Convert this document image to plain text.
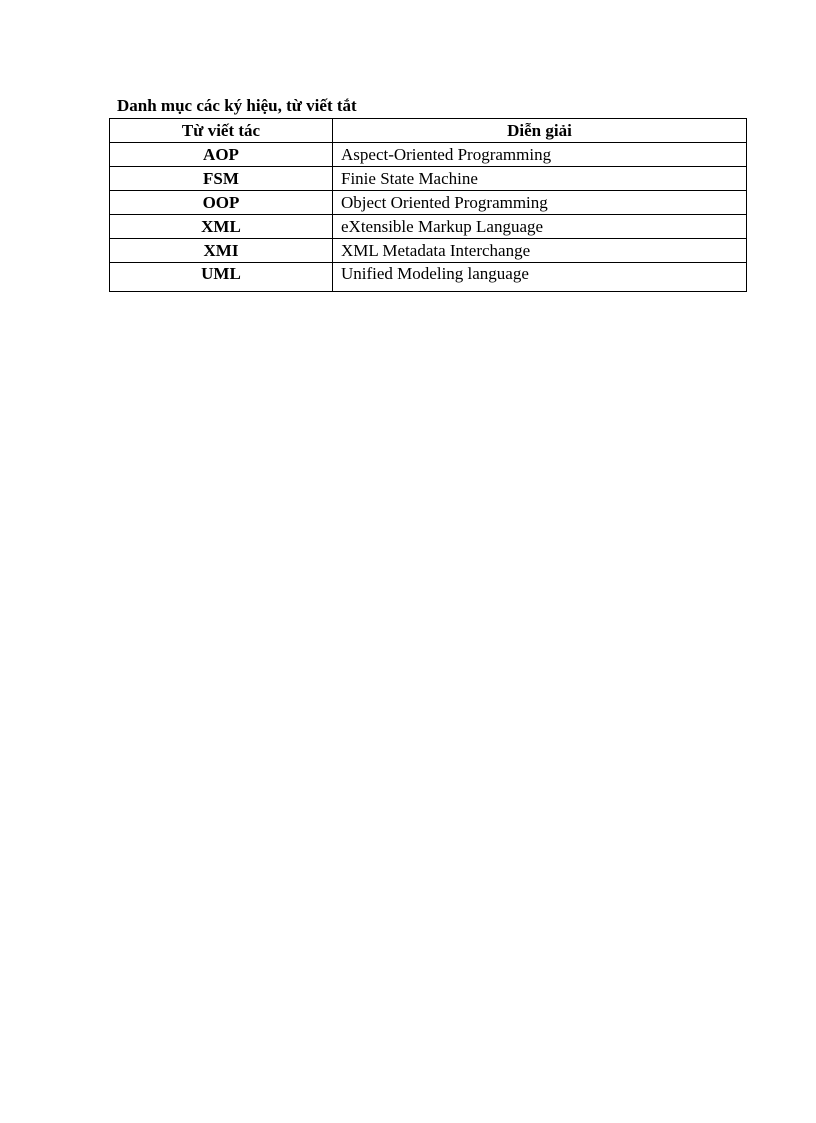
Danh mục các ký hiệu, từ viết tắt
Từ viết tác	Diễn giải
AOP	Aspect-Oriented Programming
FSM	Finie State Machine
OOP	Object Oriented Programming
XML	eXtensible Markup Language
XMI	XML Metadata Interchange
UML	Unified Modeling language
